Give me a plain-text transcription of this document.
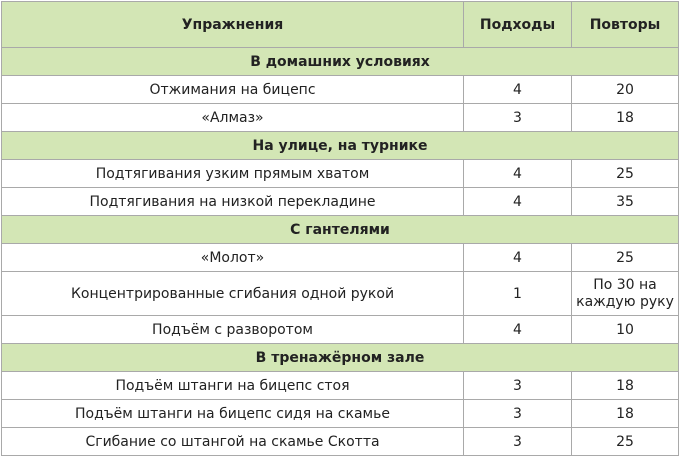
Упражнения	Подходы	Повторы
В домашних условиях		
Отжимания на бицепс	4	20
«Алмаз»	3	18
На улице, на турнике		
Подтягивания узким прямым хватом	4	25
Подтягивания на низкой перекладине	4	35
С гантелями		
«Молот»	4	25
Концентрированные сгибания одной рукой	1	По 30 на каждую руку
Подъём с разворотом	4	10
В тренажёрном зале		
Подъём штанги на бицепс стоя	3	18
Подъём штанги на бицепс сидя на скамье	3	18
Сгибание со штангой на скамье Скотта	3	25
